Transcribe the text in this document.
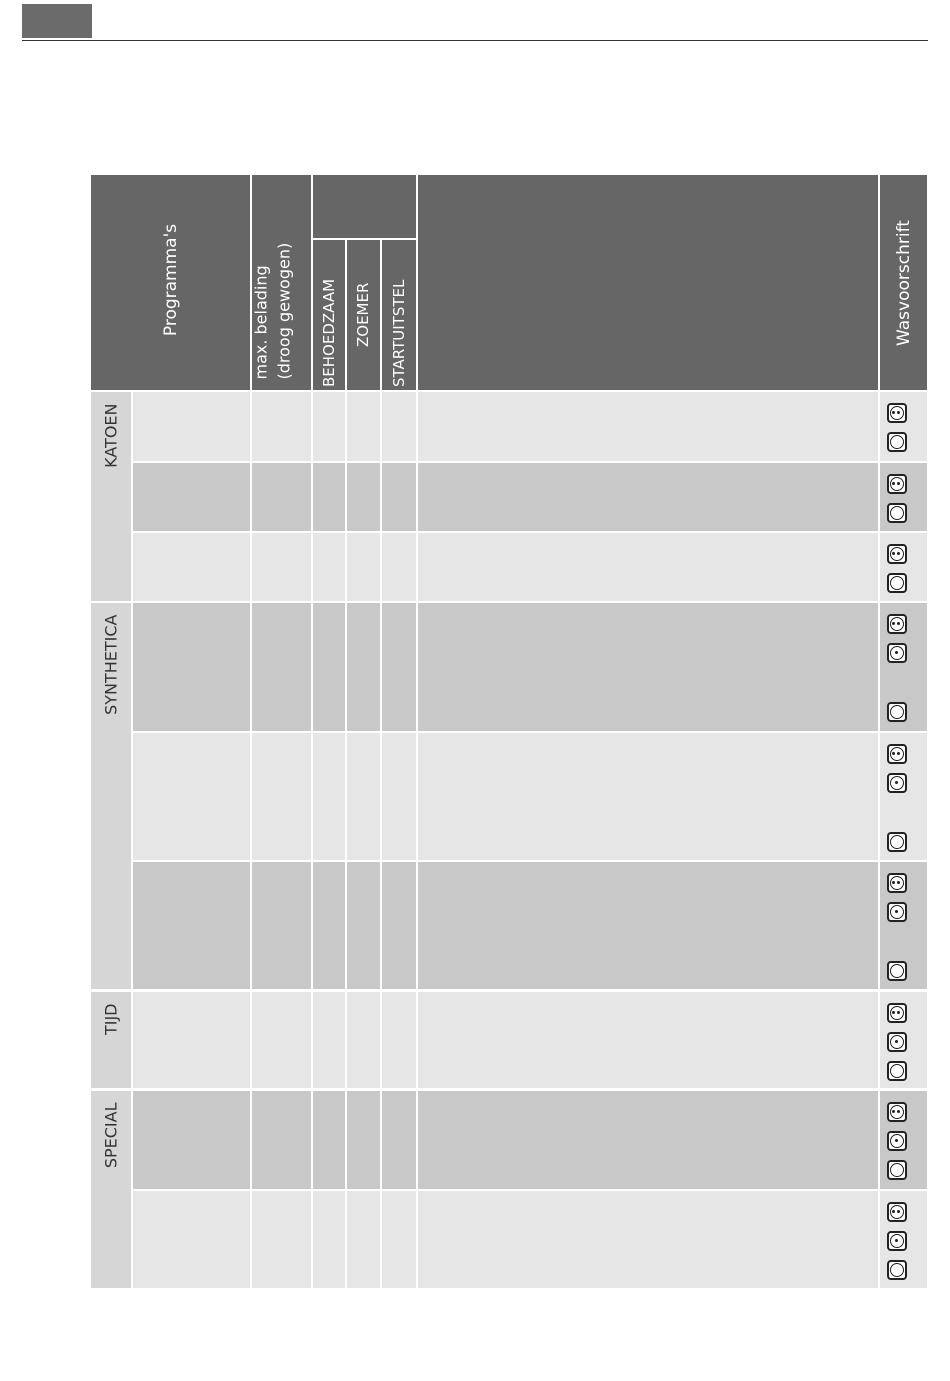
Programma's	max. belading (droog gewogen) BEHOEDZAAM ZOEMER STARTUITSTEL	Wasvoorschrift
KATOEN
SYNTHETICA
TIJD
SPECIAL
